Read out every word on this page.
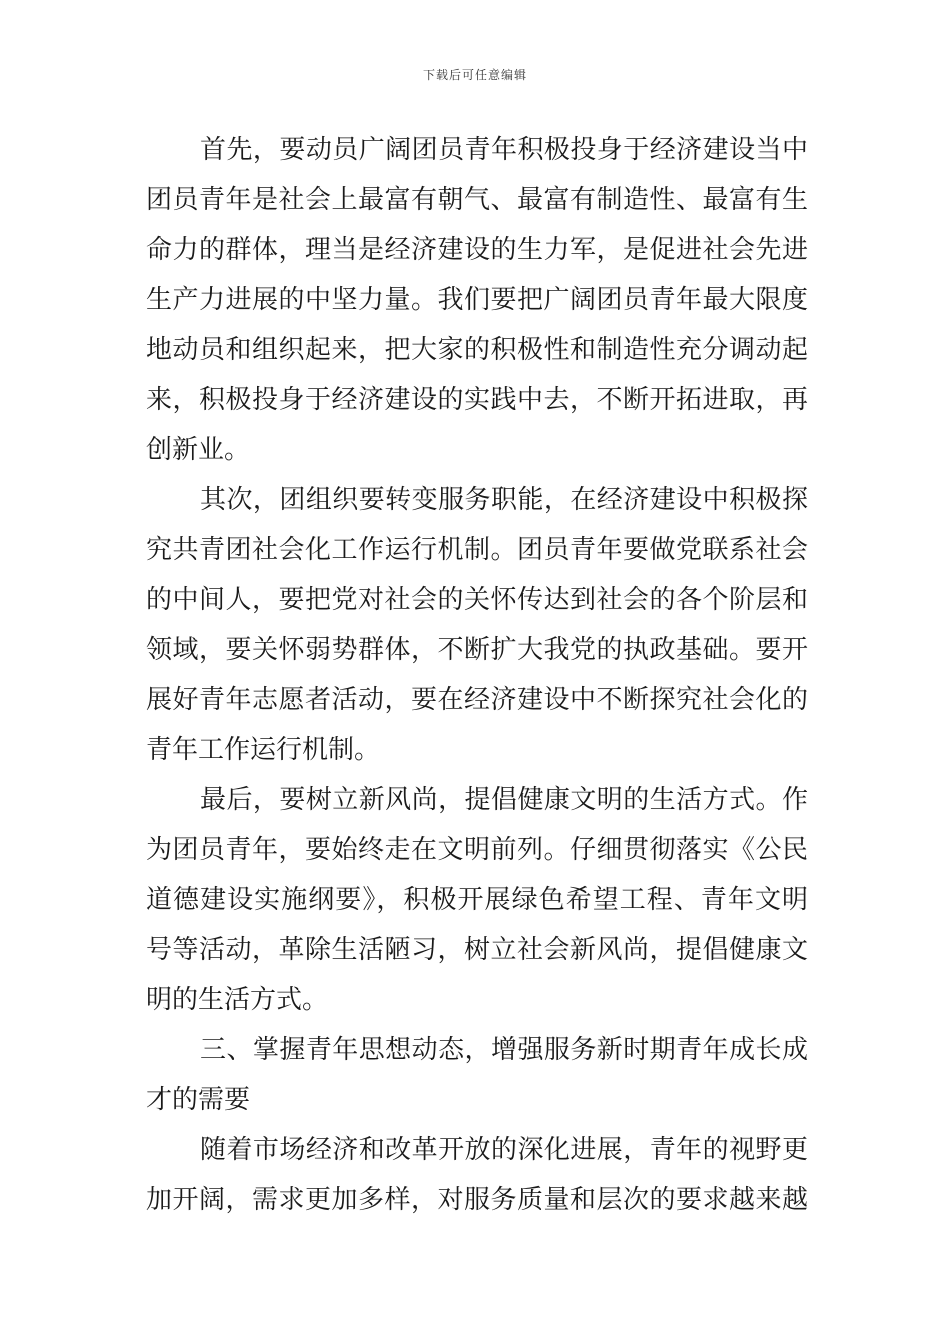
下载后可任意编辑
首先，要动员广阔团员青年积极投身于经济建设当中
团员青年是社会上最富有朝气、最富有制造性、最富有生
命力的群体，理当是经济建设的生力军，是促进社会先进
生产力进展的中坚力量。我们要把广阔团员青年最大限度
地动员和组织起来，把大家的积极性和制造性充分调动起
来，积极投身于经济建设的实践中去，不断开拓进取，再
创新业。
其次，团组织要转变服务职能，在经济建设中积极探
究共青团社会化工作运行机制。团员青年要做党联系社会
的中间人，要把党对社会的关怀传达到社会的各个阶层和
领域，要关怀弱势群体，不断扩大我党的执政基础。要开
展好青年志愿者活动，要在经济建设中不断探究社会化的
青年工作运行机制。
最后，要树立新风尚，提倡健康文明的生活方式。作
为团员青年，要始终走在文明前列。仔细贯彻落实《公民
道德建设实施纲要》，积极开展绿色希望工程、青年文明
号等活动，革除生活陋习，树立社会新风尚，提倡健康文
明的生活方式。
三、掌握青年思想动态，增强服务新时期青年成长成
才的需要
随着市场经济和改革开放的深化进展，青年的视野更
加开阔，需求更加多样，对服务质量和层次的要求越来越
